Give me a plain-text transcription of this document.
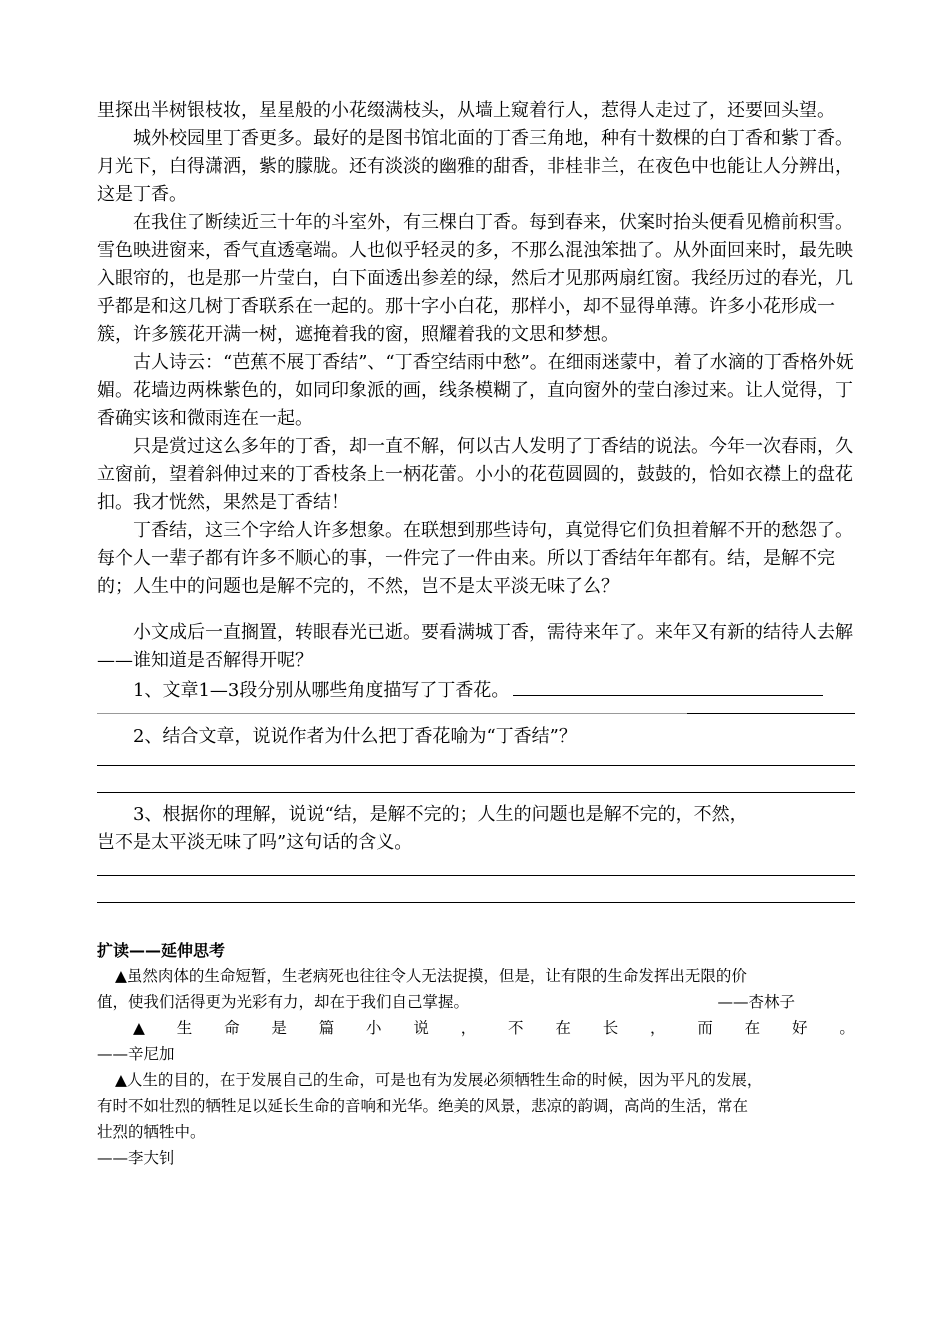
里探出半树银枝妆，星星般的小花缀满枝头，从墙上窥着行人，惹得人走过了，还要回头望。

城外校园里丁香更多。最好的是图书馆北面的丁香三角地，种有十数棵的白丁香和紫丁香。月光下，白得潇洒，紫的朦胧。还有淡淡的幽雅的甜香，非桂非兰，在夜色中也能让人分辨出，这是丁香。

在我住了断续近三十年的斗室外，有三棵白丁香。每到春来，伏案时抬头便看见檐前积雪。雪色映进窗来，香气直透毫端。人也似乎轻灵的多，不那么混浊笨拙了。从外面回来时，最先映入眼帘的，也是那一片莹白，白下面透出参差的绿，然后才见那两扇红窗。我经历过的春光，几乎都是和这几树丁香联系在一起的。那十字小白花，那样小，却不显得单薄。许多小花形成一簇，许多簇花开满一树，遮掩着我的窗，照耀着我的文思和梦想。

古人诗云：“芭蕉不展丁香结”、“丁香空结雨中愁”。在细雨迷蒙中，着了水滴的丁香格外妩媚。花墙边两株紫色的，如同印象派的画，线条模糊了，直向窗外的莹白渗过来。让人觉得，丁香确实该和微雨连在一起。

只是赏过这么多年的丁香，却一直不解，何以古人发明了丁香结的说法。今年一次春雨，久立窗前，望着斜伸过来的丁香枝条上一柄花蕾。小小的花苞圆圆的，鼓鼓的，恰如衣襟上的盘花扣。我才恍然，果然是丁香结！

丁香结，这三个字给人许多想象。在联想到那些诗句，真觉得它们负担着解不开的愁怨了。每个人一辈子都有许多不顺心的事，一件完了一件由来。所以丁香结年年都有。结，是解不完的；人生中的问题也是解不完的，不然，岂不是太平淡无味了么？

小文成后一直搁置，转眼春光已逝。要看满城丁香，需待来年了。来年又有新的结待人去解——谁知道是否解得开呢？

1、文章1—3段分别从哪些角度描写了丁香花。

2、结合文章，说说作者为什么把丁香花喻为“丁香结”？

3、根据你的理解，说说“结，是解不完的；人生的问题也是解不完的，不然，

岂不是太平淡无味了吗”这句话的含义。

扩读——延伸思考

▲虽然肉体的生命短暂，生老病死也往往令人无法捉摸，但是，让有限的生命发挥出无限的价

值，使我们活得更为光彩有力，却在于我们自己掌握。	——杏林子

▲ 生 命 是 篇 小 说 ， 不 在 长 ， 而 在 好 。

——辛尼加

▲人生的目的，在于发展自己的生命，可是也有为发展必须牺牲生命的时候，因为平凡的发展，

有时不如壮烈的牺牲足以延长生命的音响和光华。绝美的风景，悲凉的韵调，高尚的生活，常在

壮烈的牺牲中。

——李大钊
